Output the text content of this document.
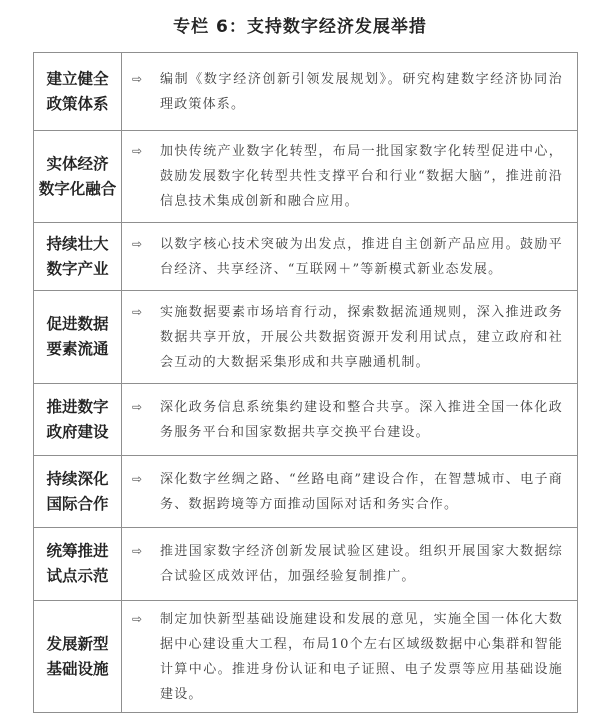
专栏 6：支持数字经济发展举措
建立健全
政策体系	⇨ 编制《数字经济创新引领发展规划》。研究构建数字经济协同治理政策体系。

实体经济
数字化融合	⇨ 加快传统产业数字化转型，布局一批国家数字化转型促进中心，鼓励发展数字化转型共性支撑平台和行业“数据大脑”，推进前沿信息技术集成创新和融合应用。

持续壮大
数字产业	⇨ 以数字核心技术突破为出发点，推进自主创新产品应用。鼓励平台经济、共享经济、“互联网＋”等新模式新业态发展。

促进数据
要素流通	⇨ 实施数据要素市场培育行动，探索数据流通规则，深入推进政务数据共享开放，开展公共数据资源开发利用试点，建立政府和社会互动的大数据采集形成和共享融通机制。

推进数字
政府建设	⇨ 深化政务信息系统集约建设和整合共享。深入推进全国一体化政务服务平台和国家数据共享交换平台建设。

持续深化
国际合作	⇨ 深化数字丝绸之路、“丝路电商”建设合作，在智慧城市、电子商务、数据跨境等方面推动国际对话和务实合作。

统筹推进
试点示范	⇨ 推进国家数字经济创新发展试验区建设。组织开展国家大数据综合试验区成效评估，加强经验复制推广。

发展新型
基础设施	⇨ 制定加快新型基础设施建设和发展的意见，实施全国一体化大数据中心建设重大工程，布局10个左右区域级数据中心集群和智能计算中心。推进身份认证和电子证照、电子发票等应用基础设施建设。
